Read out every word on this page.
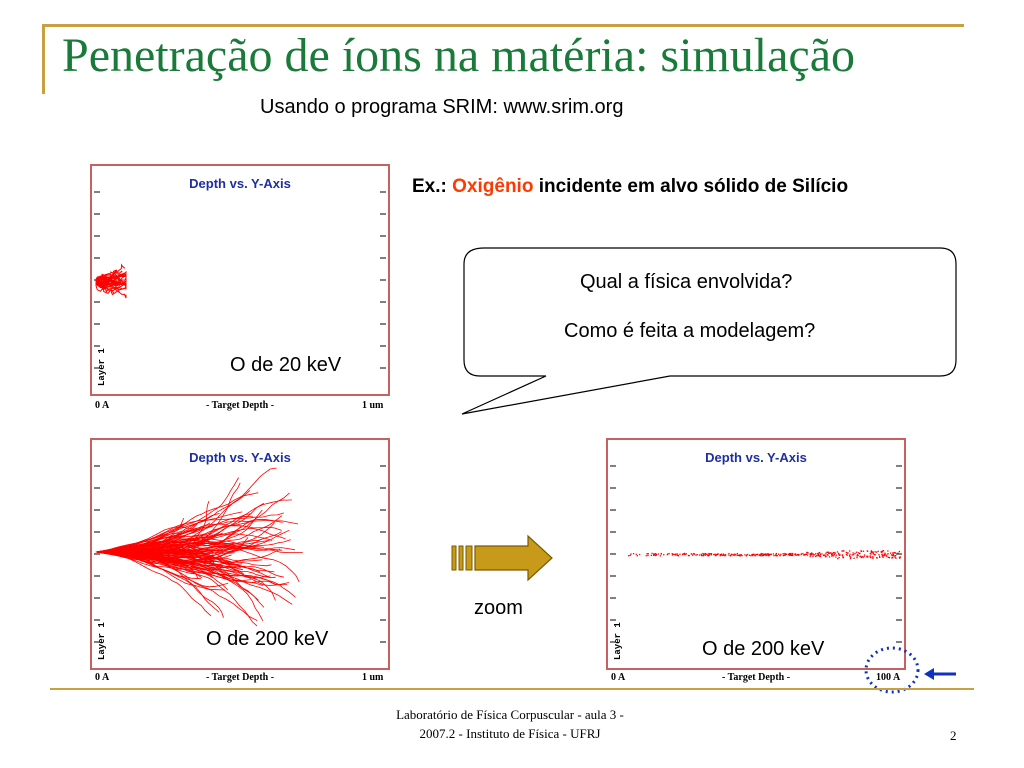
Penetração de íons na matéria: simulação
Usando o programa SRIM: www.srim.org
Depth vs. Y-Axis
Layer 1
0 A	- Target Depth -	1 um
O de 20 keV
Depth vs. Y-Axis
Layer 1
0 A	- Target Depth -	1 um
O de 200 keV
Depth vs. Y-Axis
Layer 1
0 A	- Target Depth -	100 A
O de 200 keV
Ex.: Oxigênio incidente em alvo sólido de Silício
Qual a física envolvida?
Como é feita a modelagem?
zoom
Laboratório de Física Corpuscular - aula 3 -
2007.2 - Instituto de Física - UFRJ	2
